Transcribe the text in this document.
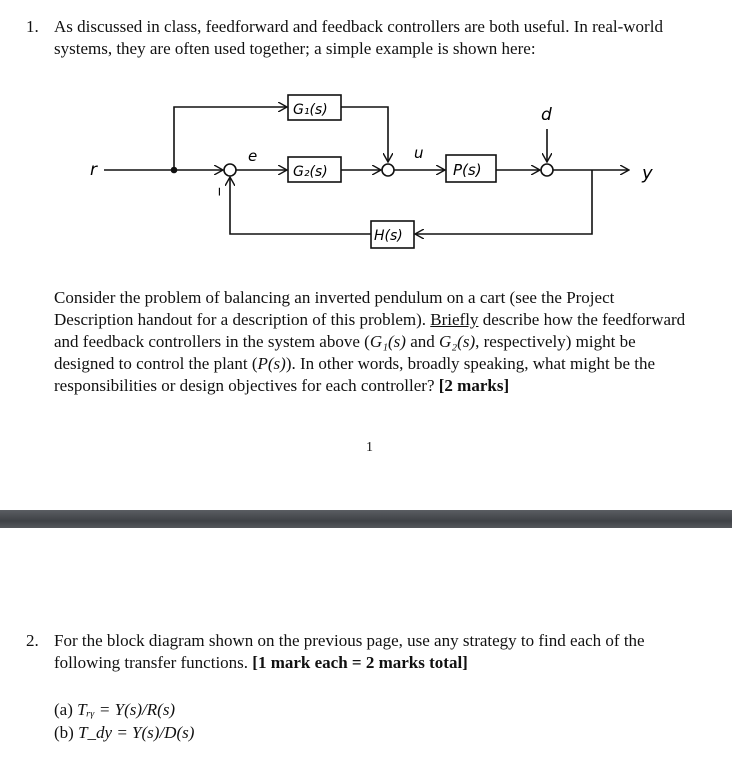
1. As discussed in class, feedforward and feedback controllers are both useful. In real-world

systems, they are often used together; a simple example is shown here:

r
e
−
u
d
y
G₁(s)
G₂(s)	P(s)
H(s)
Consider the problem of balancing an inverted pendulum on a cart (see the Project
Description handout for a description of this problem). Briefly describe how the feedforward
and feedback controllers in the system above (G₁(s) and G₂(s), respectively) might be
designed to control the plant (P(s)). In other words, broadly speaking, what might be the
responsibilities or design objectives for each controller? [2 marks]
1
2. For the block diagram shown on the previous page, use any strategy to find each of the
following transfer functions. [1 mark each = 2 marks total]
(a) Tᵣᵧ = Y(s)/R(s)
(b) T_dy = Y(s)/D(s)
